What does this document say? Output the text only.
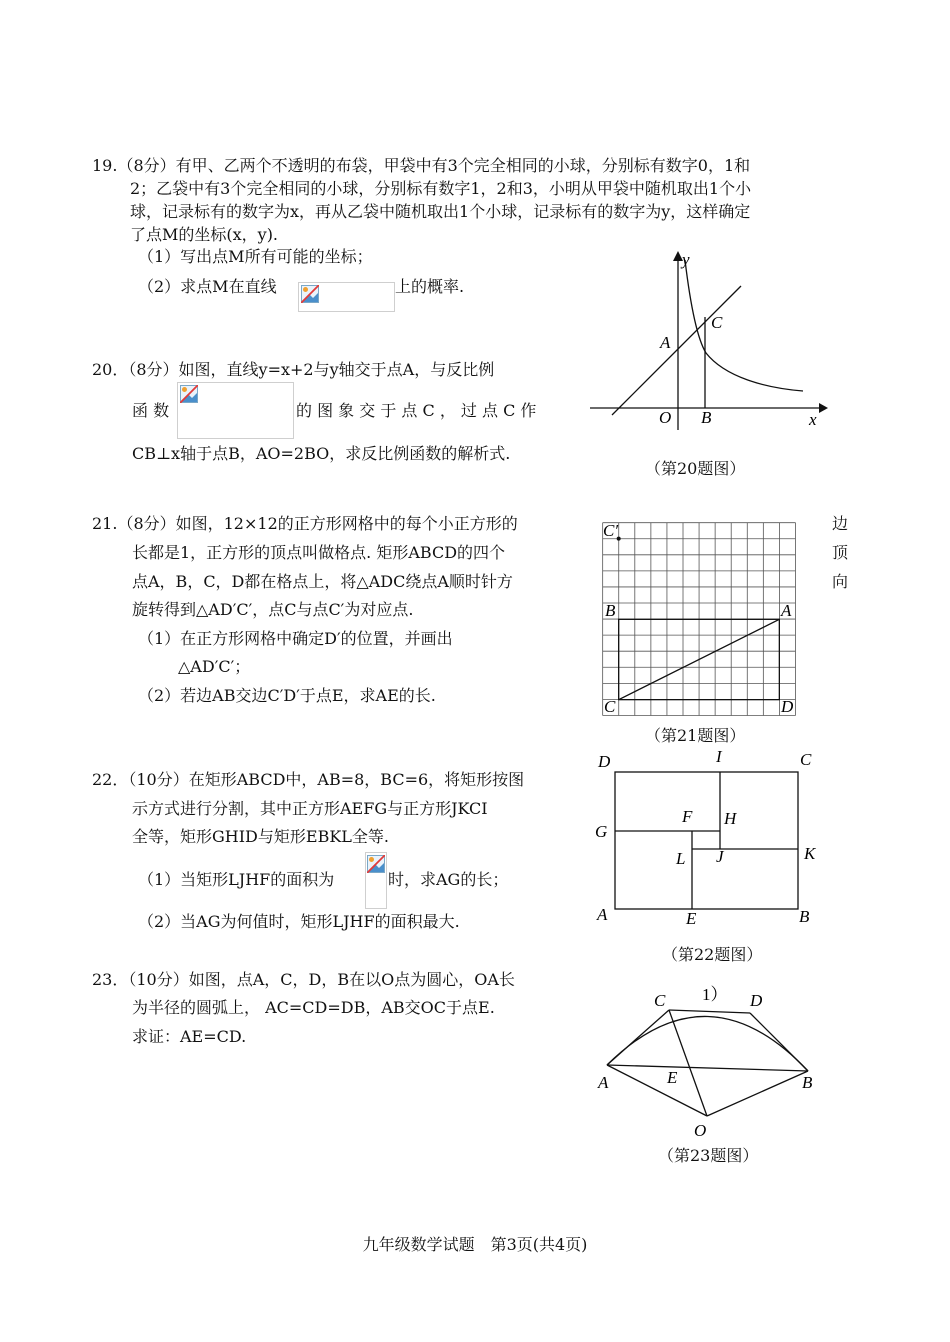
19.（8分）有甲、乙两个不透明的布袋，甲袋中有3个完全相同的小球，分别标有数字0，1和
2；乙袋中有3个完全相同的小球，分别标有数字1，2和3，小明从甲袋中随机取出1个小
球，记录标有的数字为x，再从乙袋中随机取出1个小球，记录标有的数字为y，这样确定
了点M的坐标(x，y).
（1）写出点M所有可能的坐标；
（2）求点M在直线	上的概率.
20．（8分）如图，直线y=x+2与y轴交于点A，与反比例
函 数	的 图 象 交 于 点 C ， 过 点 C 作
CB⊥x轴于点B，AO=2BO，求反比例函数的解析式.
y
x
A
C
O B
（第20题图）
21.（8分）如图，12×12的正方形网格中的每个小正方形的
长都是1，正方形的顶点叫做格点. 矩形ABCD的四个
点A，B，C，D都在格点上，将△ADC绕点A顺时针方
旋转得到△AD′C′，点C与点C′为对应点.
边
顶
向
（1）在正方形网格中确定D′的位置，并画出
△AD′C′；
（2）若边AB交边C′D′于点E，求AE的长.
C′
B	A
C	D
（第21题图）
22．（10分）在矩形ABCD中，AB=8，BC=6，将矩形按图
示方式进行分割，其中正方形AEFG与正方形JKCI
全等，矩形GHID与矩形EBKL全等.
（1）当矩形LJHF的面积为	时，求AG的长；
（2）当AG为何值时，矩形LJHF的面积最大.
D	I	C
F H
G
L J	K
A	E	B
（第22题图）
23．（10分）如图，点A，C，D，B在以O点为圆心，OA长
为半径的圆弧上， AC=CD=DB，AB交OC于点E.
求证：AE=CD.
C 1） D
A	E	B
O
（第23题图）
九年级数学试题　第3页(共4页)
